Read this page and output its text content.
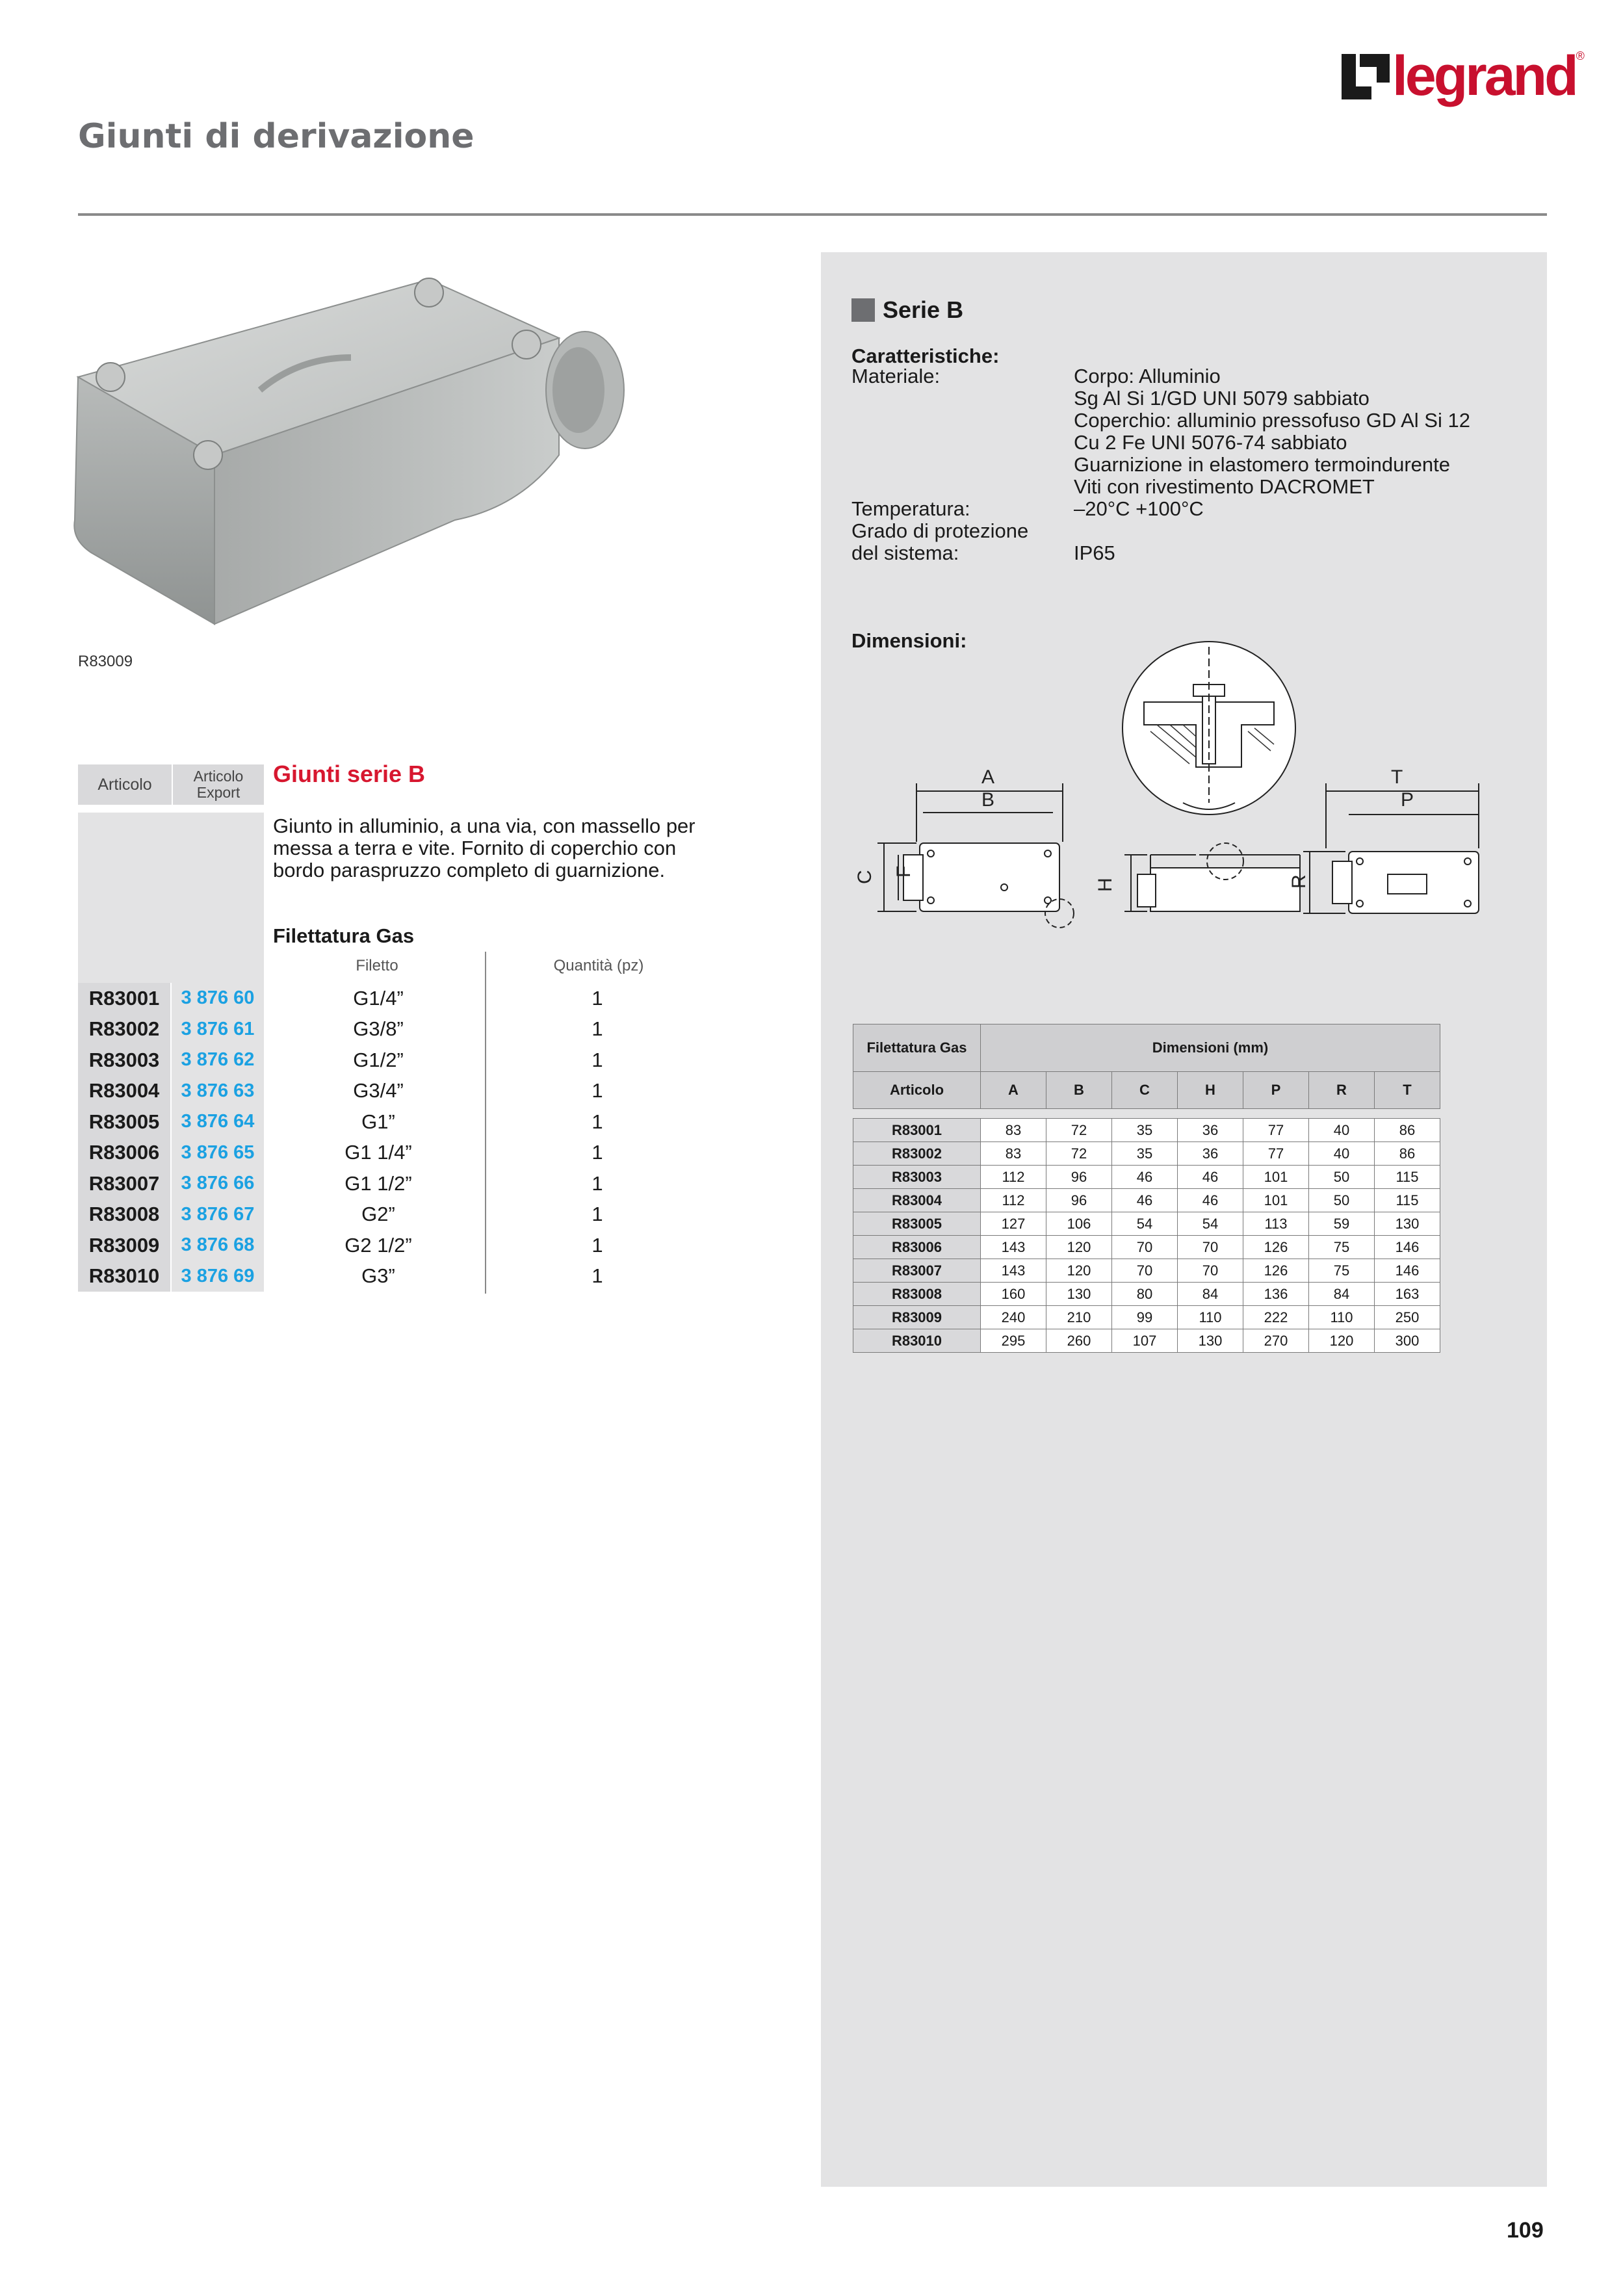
legrand ®
Giunti di derivazione
R83009
Serie B
Caratteristiche:
Materiale:	Corpo: Alluminio
Sg Al Si 1/GD UNI 5079 sabbiato
Coperchio: alluminio pressofuso GD Al Si 12
Cu 2 Fe UNI 5076-74 sabbiato
Guarnizione in elastomero termoindurente
Viti con rivestimento DACROMET
Temperatura:	–20°C +100°C
Grado di protezione
del sistema:	IP65
Dimensioni:
A
B
C F
H
T
P
R
Filettatura Gas	Dimensioni (mm)						
Articolo	A	B	C	H	P	R	T

R83001	83	72	35	36	77	40	86
R83002	83	72	35	36	77	40	86
R83003	112	96	46	46	101	50	115
R83004	112	96	46	46	101	50	115
R83005	127	106	54	54	113	59	130
R83006	143	120	70	70	126	75	146
R83007	143	120	70	70	126	75	146
R83008	160	130	80	84	136	84	163
R83009	240	210	99	110	222	110	250
R83010	295	260	107	130	270	120	300
Articolo	Articolo Export
Giunti serie B
Giunto in alluminio, a una via, con massello per messa a terra e vite. Fornito di coperchio con bordo paraspruzzo completo di guarnizione.
Filettatura Gas
Filetto	Quantità (pz)
R83001	3 876 60	G1/4”	1
R83002	3 876 61	G3/8”	1
R83003	3 876 62	G1/2”	1
R83004	3 876 63	G3/4”	1
R83005	3 876 64	G1”	1
R83006	3 876 65	G1 1/4”	1
R83007	3 876 66	G1 1/2”	1
R83008	3 876 67	G2”	1
R83009	3 876 68	G2 1/2”	1
R83010	3 876 69	G3”	1
109
